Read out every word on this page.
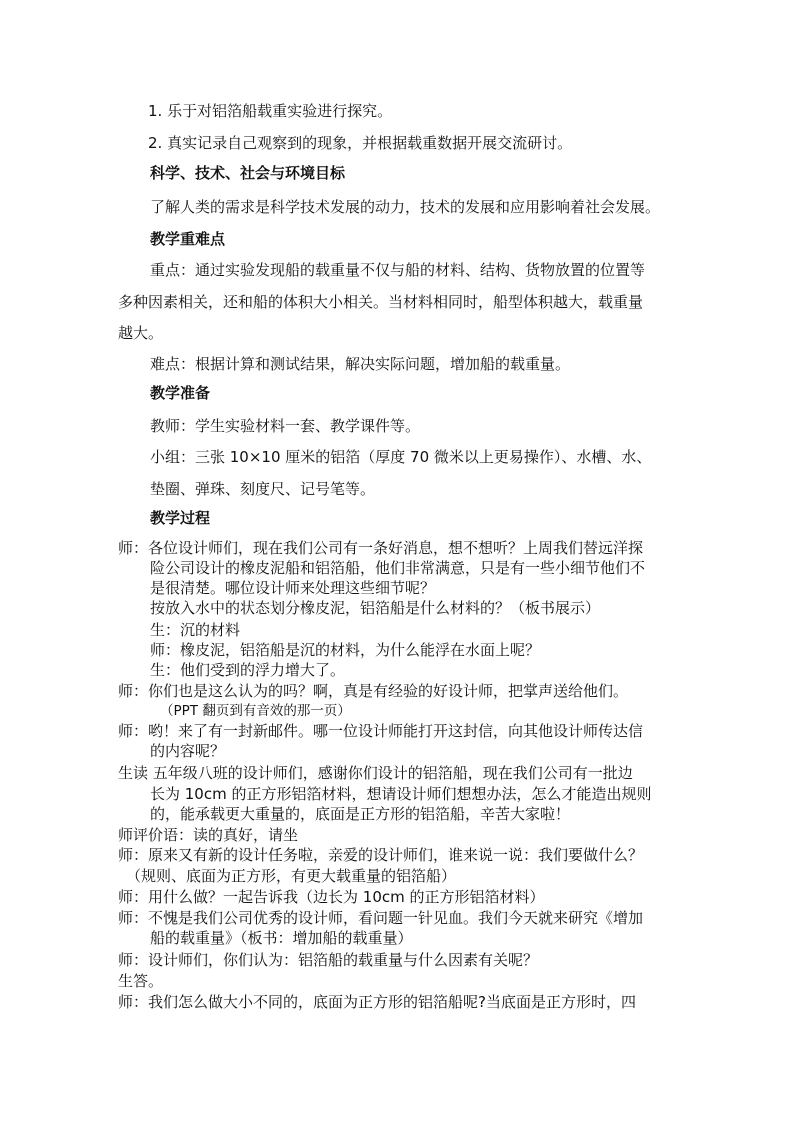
1. 乐于对铝箔船载重实验进行探究。
2. 真实记录自己观察到的现象，并根据载重数据开展交流研讨。
科学、技术、社会与环境目标
了解人类的需求是科学技术发展的动力，技术的发展和应用影响着社会发展。
教学重难点
重点：通过实验发现船的载重量不仅与船的材料、结构、货物放置的位置等
多种因素相关，还和船的体积大小相关。当材料相同时，船型体积越大，载重量
越大。
难点：根据计算和测试结果，解决实际问题，增加船的载重量。
教学准备
教师：学生实验材料一套、教学课件等。
小组：三张 10×10 厘米的铝箔（厚度 70 微米以上更易操作）、水槽、水、
垫圈、弹珠、刻度尺、记号笔等。
教学过程
师：各位设计师们，现在我们公司有一条好消息，想不想听？上周我们替远洋探
险公司设计的橡皮泥船和铝箔船，他们非常满意，只是有一些小细节他们不
是很清楚。哪位设计师来处理这些细节呢？
按放入水中的状态划分橡皮泥，铝箔船是什么材料的？（板书展示）
生：沉的材料
师：橡皮泥，铝箔船是沉的材料，为什么能浮在水面上呢？
生：他们受到的浮力增大了。
师：你们也是这么认为的吗？啊，真是有经验的好设计师，把掌声送给他们。
（PPT 翻页到有音效的那一页）
师：哟！来了有一封新邮件。哪一位设计师能打开这封信，向其他设计师传达信
的内容呢？
生读 五年级八班的设计师们，感谢你们设计的铝箔船，现在我们公司有一批边
长为 10cm 的正方形铝箔材料，想请设计师们想想办法，怎么才能造出规则
的，能承载更大重量的，底面是正方形的铝箔船，辛苦大家啦！
师评价语：读的真好，请坐
师：原来又有新的设计任务啦，亲爱的设计师们，谁来说一说：我们要做什么？
（规则、底面为正方形，有更大载重量的铝箔船）
师：用什么做？一起告诉我（边长为 10cm 的正方形铝箔材料）
师：不愧是我们公司优秀的设计师，看问题一针见血。我们今天就来研究《增加
船的载重量》（板书：增加船的载重量）
师：设计师们，你们认为：铝箔船的载重量与什么因素有关呢？
生答。
师：我们怎么做大小不同的，底面为正方形的铝箔船呢?当底面是正方形时，四
